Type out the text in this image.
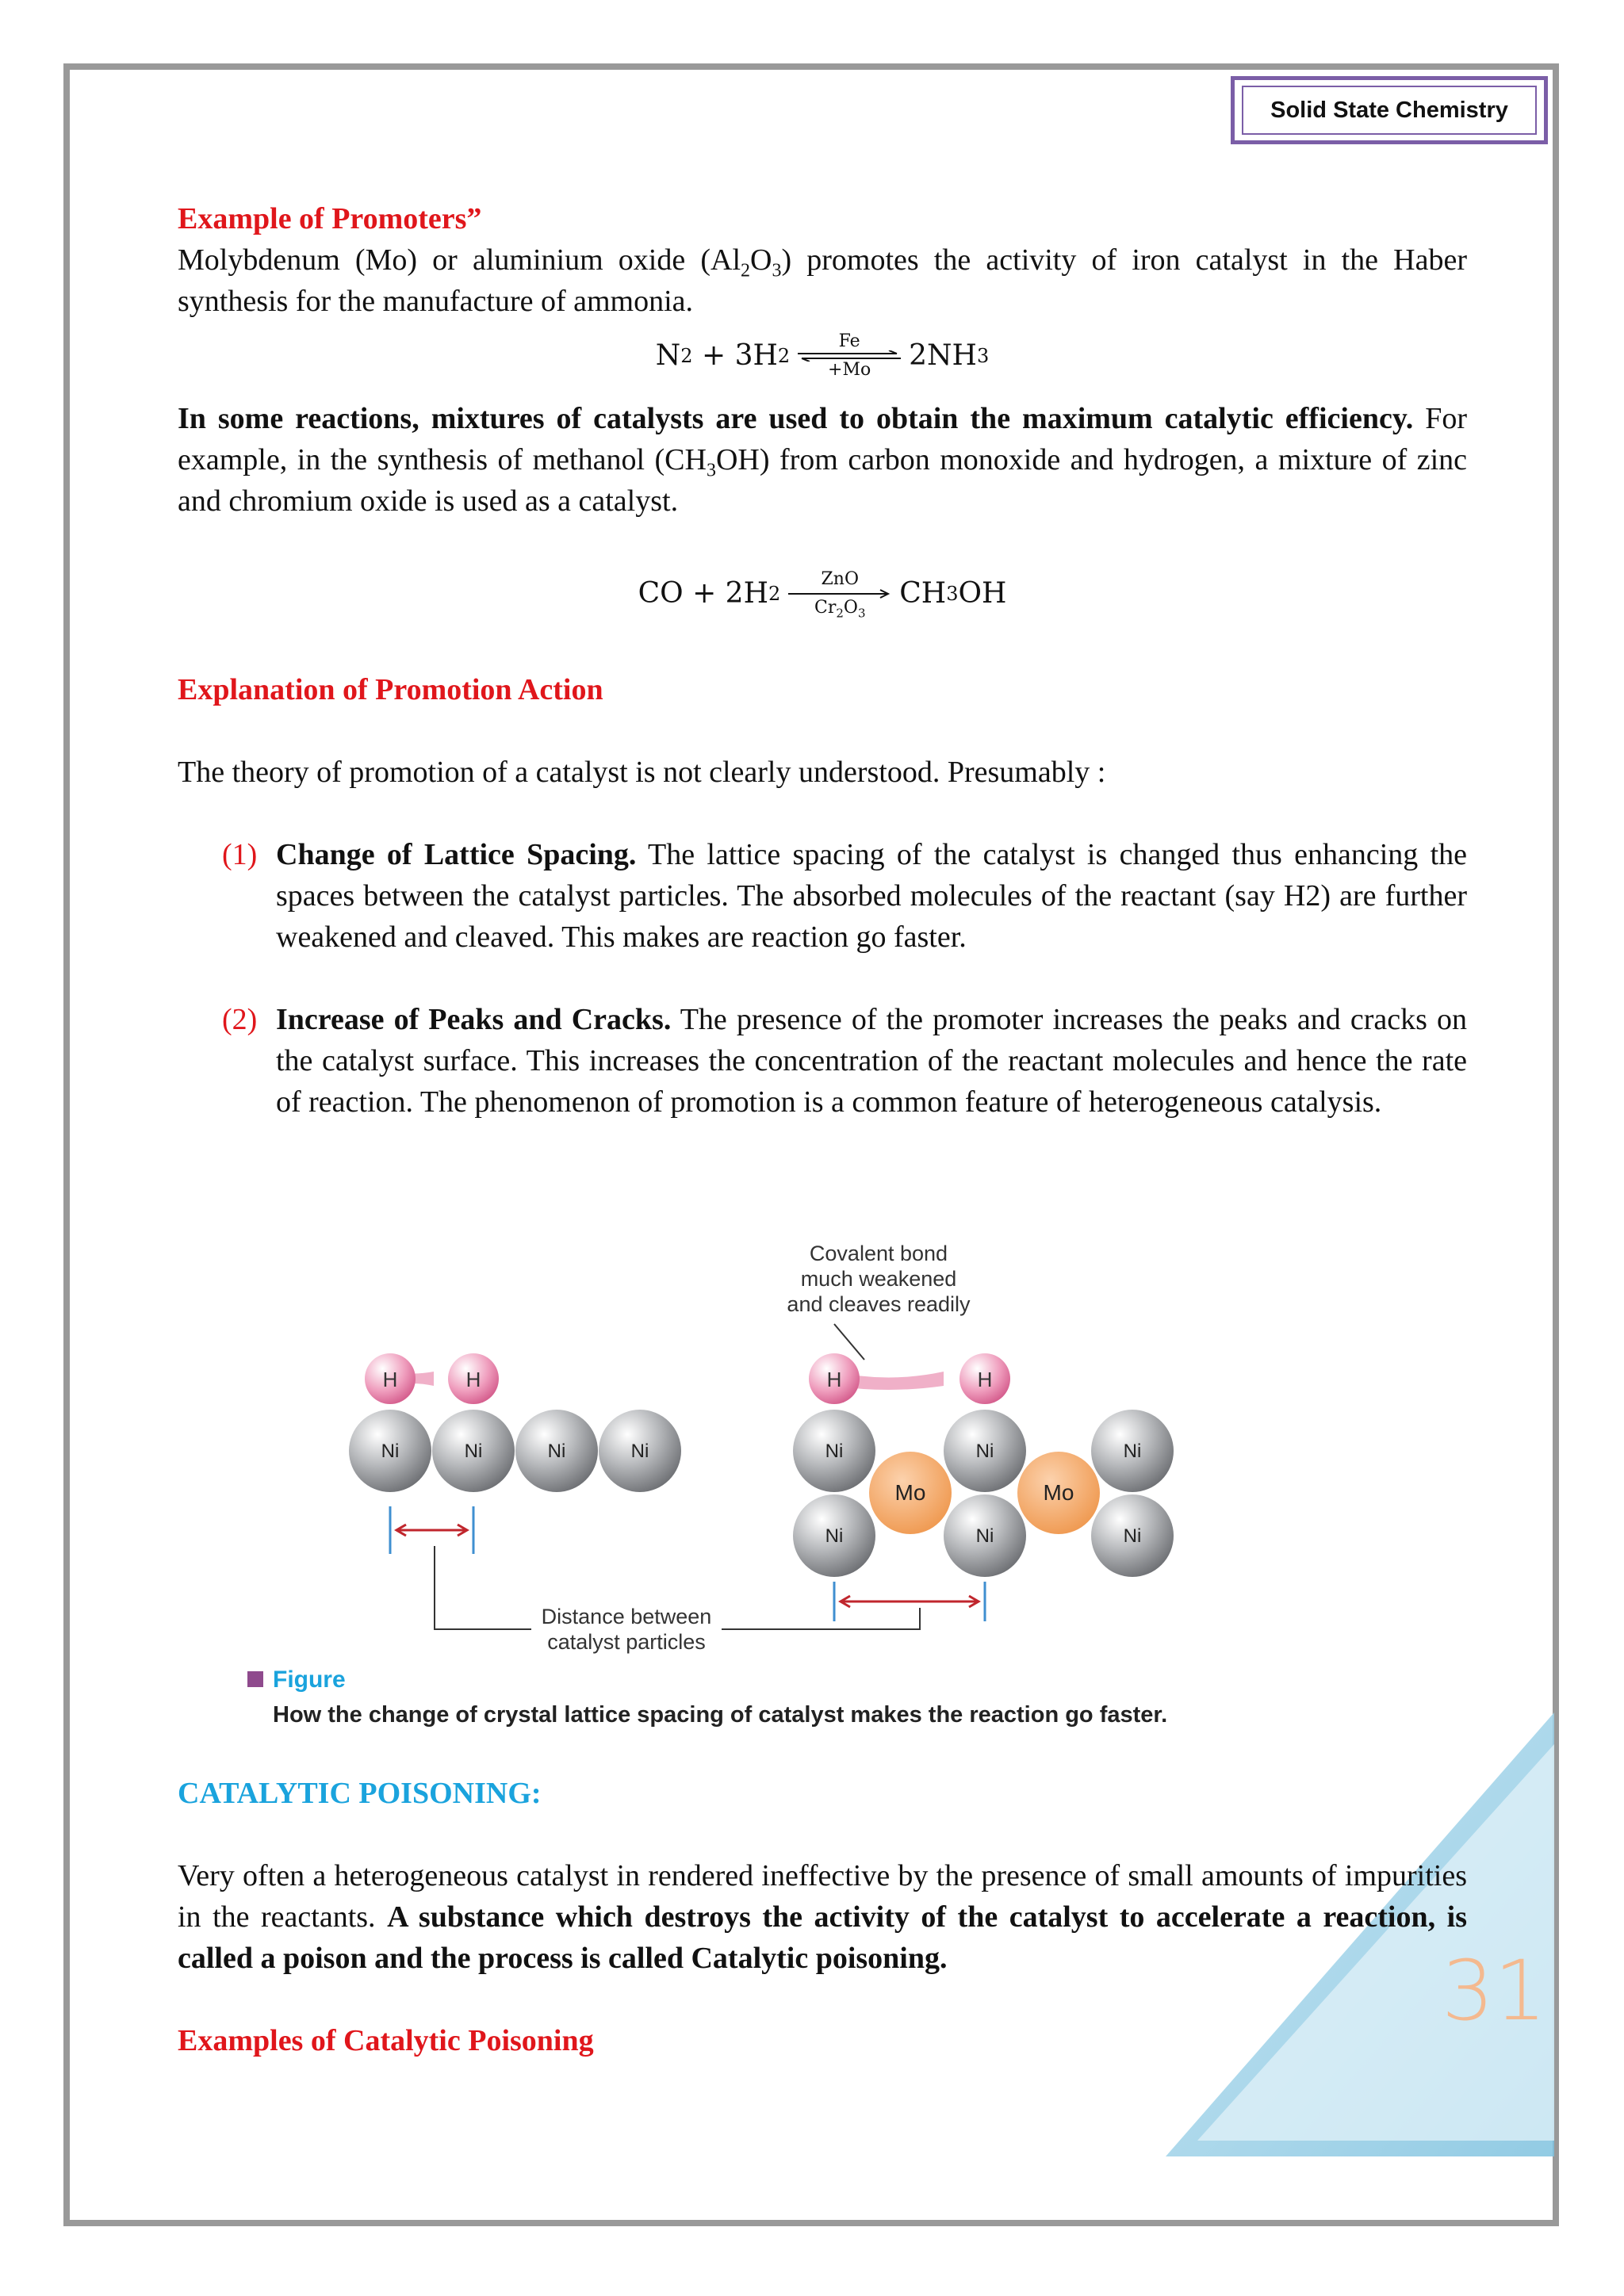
31
Solid State Chemistry

Example of Promoters”

Molybdenum (Mo) or aluminium oxide $(Al_2O_3)$ promotes the activity of iron catalyst in the Haber synthesis for the manufacture of ammonia.

N 2 + 3H 2
Fe
+Mo 2NH 3

In some reactions, mixtures of catalysts are used to obtain the maximum catalytic efficiency. For example, in the synthesis of methanol $(CH_3OH)$ from carbon monoxide and hydrogen, a mixture of zinc and chromium oxide is used as a catalyst.

CO + 2H 2
ZnO
$Cr_2O_3$
CH 3 OH

Explanation of Promotion Action

The theory of promotion of a catalyst is not clearly understood. Presumably :

(1) Change of Lattice Spacing. The lattice spacing of the catalyst is changed thus enhancing the spaces between the catalyst particles. The absorbed molecules of the reactant (say H2) are further weakened and cleaved. This makes are reaction go faster.
(2) Increase of Peaks and Cracks. The presence of the promoter increases the peaks and cracks on the catalyst surface. This increases the concentration of the reactant molecules and hence the rate of reaction. The phenomenon of promotion is a common feature of heterogeneous catalysis.
Covalent bond
much weakened
and cleaves readily
H	H
Ni	Ni	Ni	Ni
H	H
Ni	Ni	Ni
Mo	Mo
Ni	Ni	Ni
Distance between
catalyst particles
Figure
How the change of crystal lattice spacing of catalyst makes the reaction go faster.

CATALYTIC POISONING:

Very often a heterogeneous catalyst in rendered ineffective by the presence of small amounts of impurities in the reactants. A substance which destroys the activity of the catalyst to accelerate a reaction, is called a poison and the process is called Catalytic poisoning.

Examples of Catalytic Poisoning
